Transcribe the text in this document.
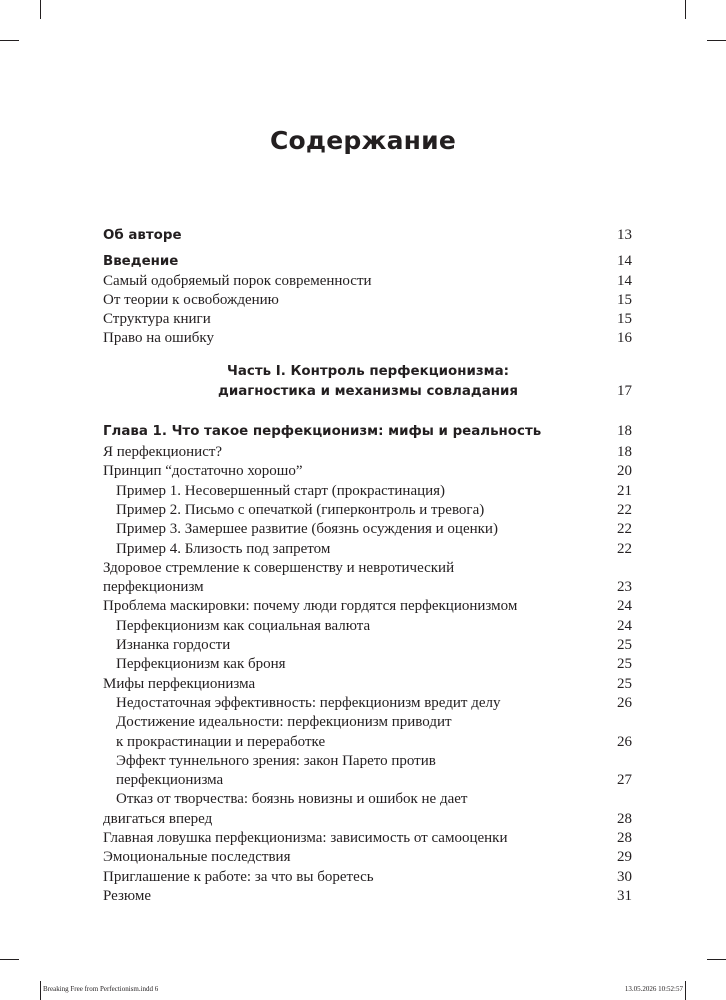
Содержание
Об авторе	13
Введение	14
Самый одобряемый порок современности	14
От теории к освобождению	15
Структура книги	15
Право на ошибку	16
Часть I. Контроль перфекционизма:
диагностика и механизмы совладания	17
Глава 1. Что такое перфекционизм: мифы и реальность	18
Я перфекционист?	18
Принцип “достаточно хорошо”	20
Пример 1. Несовершенный старт (прокрастинация)	21
Пример 2. Письмо с опечаткой (гиперконтроль и тревога)	22
Пример 3. Замершее развитие (боязнь осуждения и оценки)	22
Пример 4. Близость под запретом	22
Здоровое стремление к совершенству и невротический
перфекционизм	23
Проблема маскировки: почему люди гордятся перфекционизмом	24
Перфекционизм как социальная валюта	24
Изнанка гордости	25
Перфекционизм как броня	25
Мифы перфекционизма	25
Недостаточная эффективность: перфекционизм вредит делу	26
Достижение идеальности: перфекционизм приводит
к прокрастинации и переработке	26
Эффект туннельного зрения: закон Парето против
перфекционизма	27
Отказ от творчества: боязнь новизны и ошибок не дает
двигаться вперед	28
Главная ловушка перфекционизма: зависимость от самооценки	28
Эмоциональные последствия	29
Приглашение к работе: за что вы боретесь	30
Резюме	31
Breaking Free from Perfectionism.indd 6	13.05.2026 10:52:57
